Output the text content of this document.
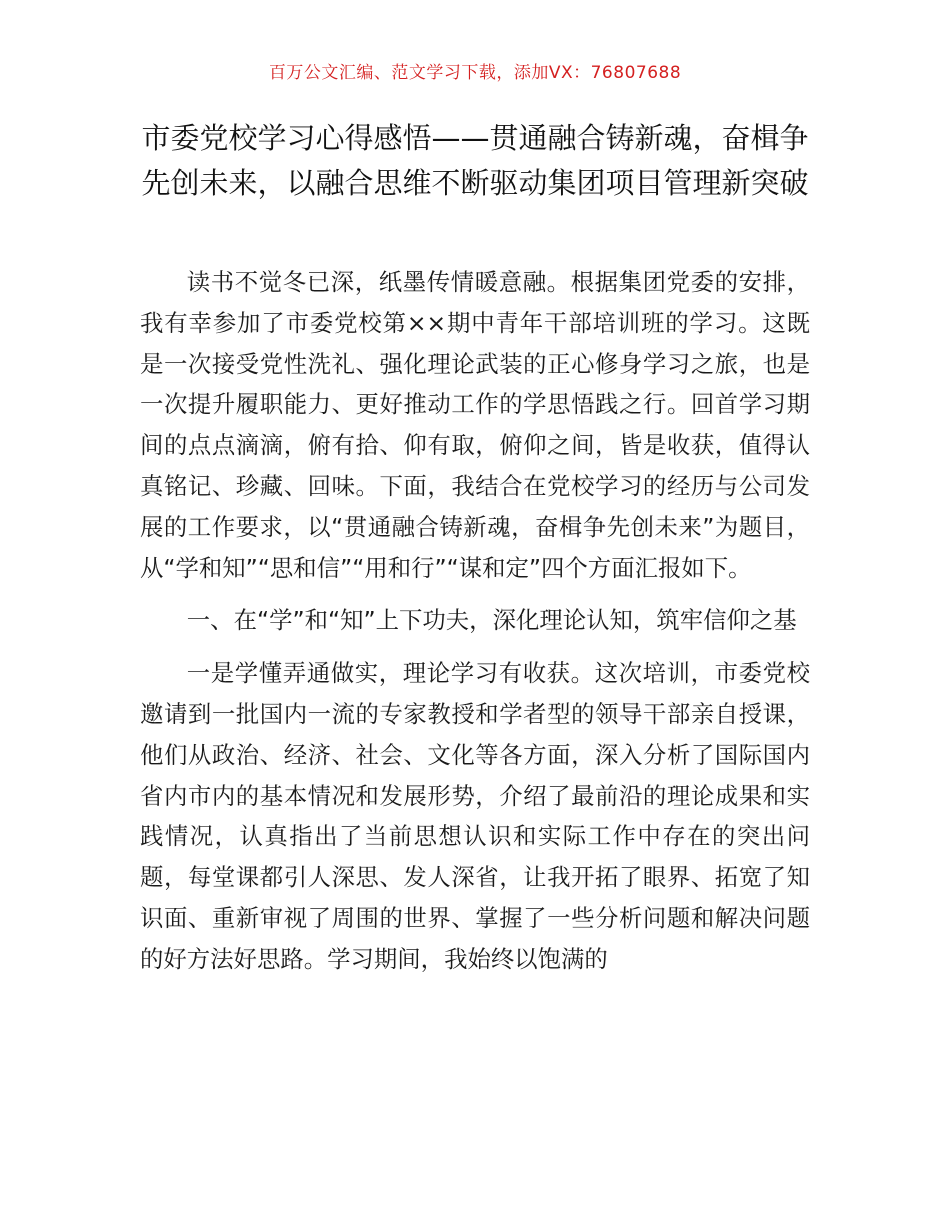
百万公文汇编、范文学习下载，添加VX：76807688
市委党校学习心得感悟——贯通融合铸新魂，奋楫争先创未来，以融合思维不断驱动集团项目管理新突破

读书不觉冬已深，纸墨传情暖意融。根据集团党委的安排，我有幸参加了市委党校第××期中青年干部培训班的学习。这既是一次接受党性洗礼、强化理论武装的正心修身学习之旅，也是一次提升履职能力、更好推动工作的学思悟践之行。回首学习期间的点点滴滴，俯有拾、仰有取，俯仰之间，皆是收获，值得认真铭记、珍藏、回味。下面，我结合在党校学习的经历与公司发展的工作要求，以“贯通融合铸新魂，奋楫争先创未来”为题目，从“学和知”“思和信”“用和行”“谋和定”四个方面汇报如下。

一、在“学”和“知”上下功夫，深化理论认知，筑牢信仰之基

一是学懂弄通做实，理论学习有收获。这次培训，市委党校邀请到一批国内一流的专家教授和学者型的领导干部亲自授课，他们从政治、经济、社会、文化等各方面，深入分析了国际国内省内市内的基本情况和发展形势，介绍了最前沿的理论成果和实践情况，认真指出了当前思想认识和实际工作中存在的突出问题，每堂课都引人深思、发人深省，让我开拓了眼界、拓宽了知识面、重新审视了周围的世界、掌握了一些分析问题和解决问题的好方法好思路。学习期间，我始终以饱满的
